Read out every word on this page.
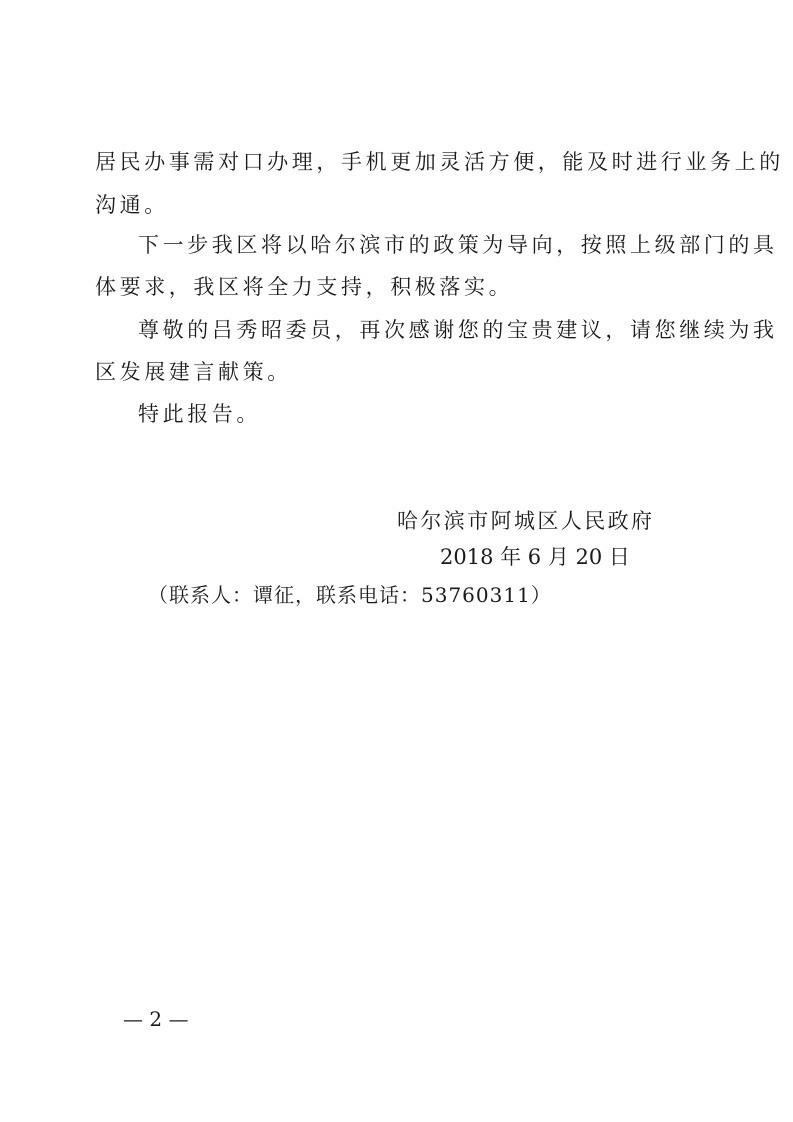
居民办事需对口办理，手机更加灵活方便，能及时进行业务上的
沟通。
下一步我区将以哈尔滨市的政策为导向，按照上级部门的具
体要求，我区将全力支持，积极落实。
尊敬的吕秀昭委员，再次感谢您的宝贵建议，请您继续为我
区发展建言献策。
特此报告。
哈尔滨市阿城区人民政府
2018 年 6 月 20 日
（联系人：谭征，联系电话：53760311）
— 2 —
